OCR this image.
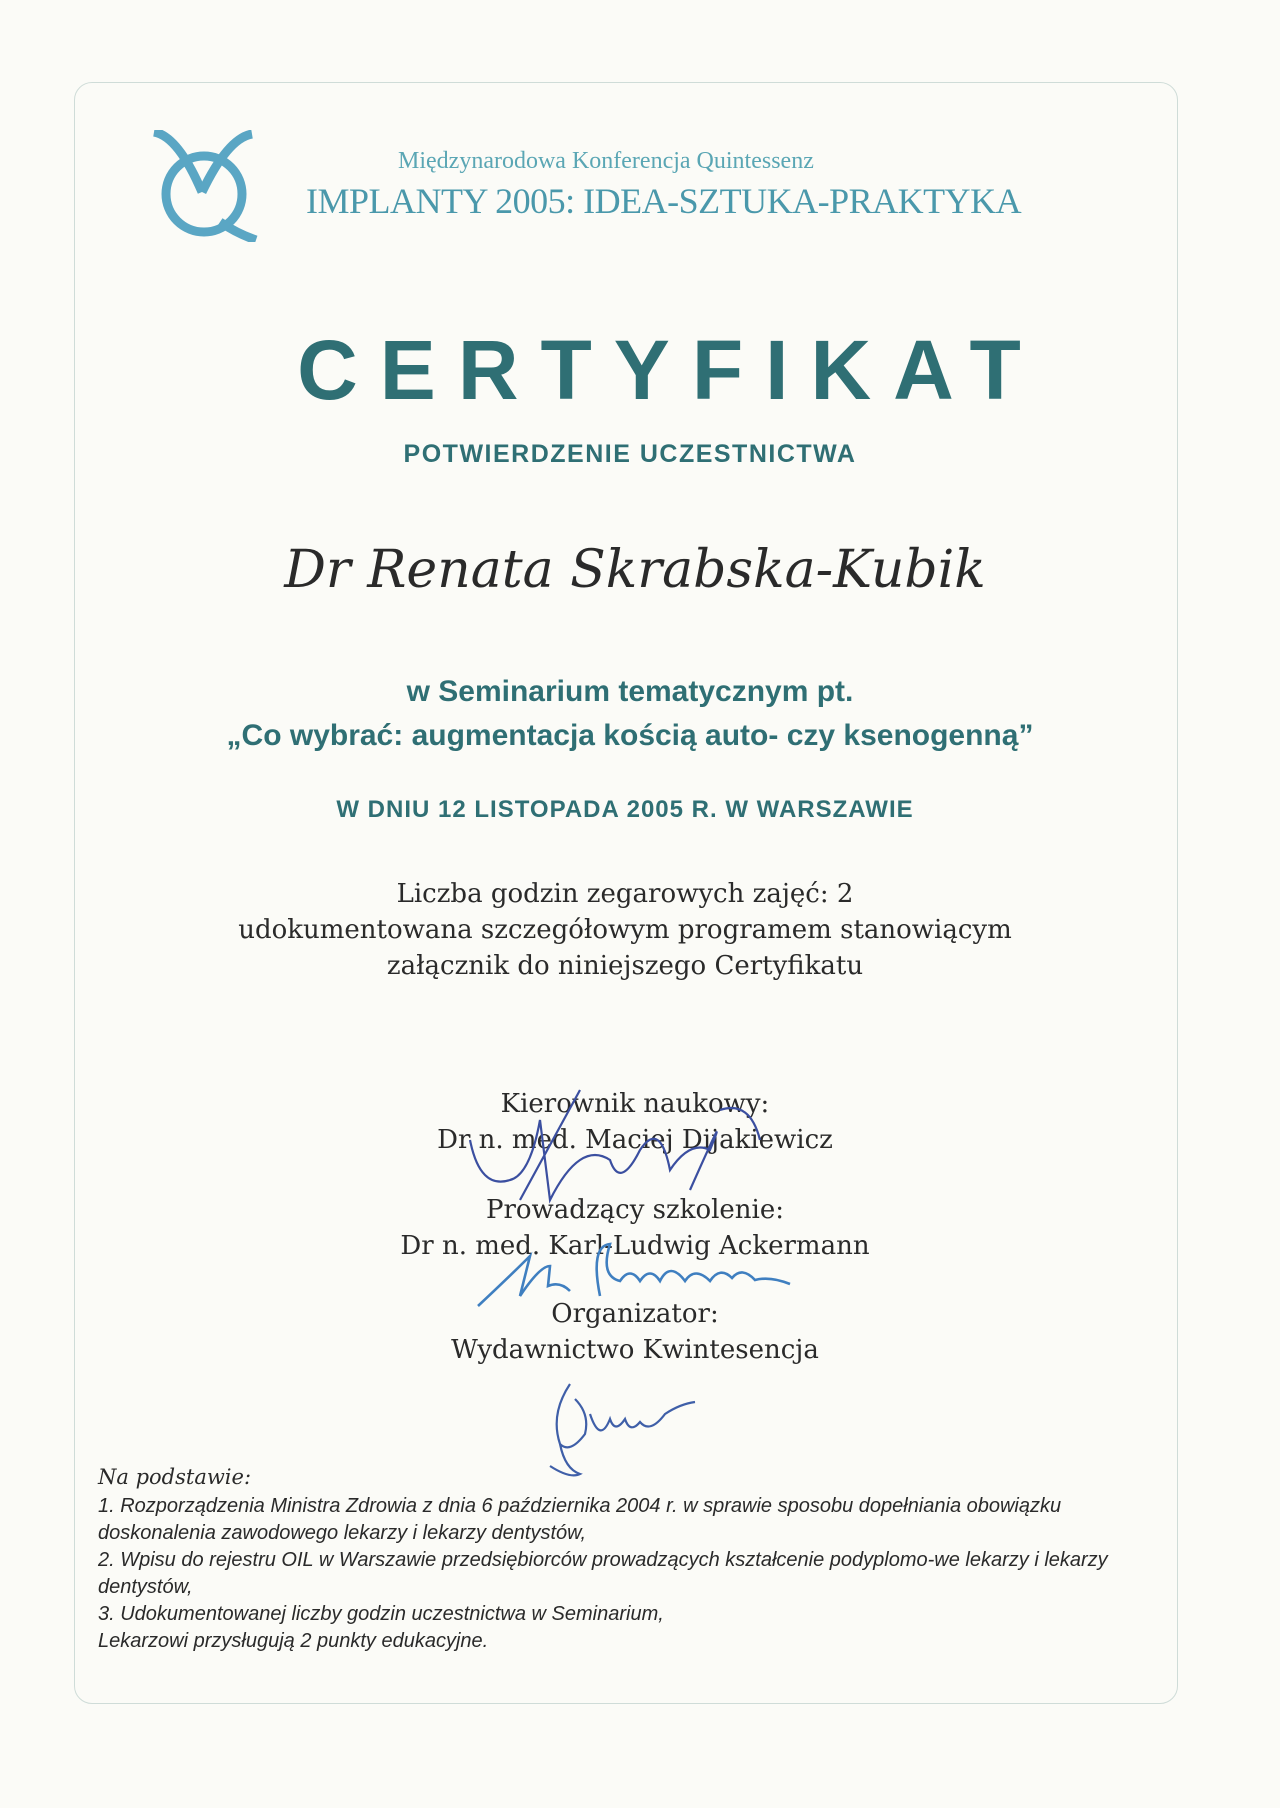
Międzynarodowa Konferencja Quintessenz
IMPLANTY 2005: IDEA-SZTUKA-PRAKTYKA
CERTYFIKAT
POTWIERDZENIE UCZESTNICTWA
Dr Renata Skrabska-Kubik
w Seminarium tematycznym pt.
„Co wybrać: augmentacja kością auto- czy ksenogenną”
W DNIU 12 LISTOPADA 2005 R. W WARSZAWIE
Liczba godzin zegarowych zajęć: 2
udokumentowana szczegółowym programem stanowiącym
załącznik do niniejszego Certyfikatu
Kierownik naukowy:
Dr n. med. Maciej Dijakiewicz
Prowadzący szkolenie:
Dr n. med. Karl-Ludwig Ackermann
Organizator:
Wydawnictwo Kwintesencja
Na podstawie:

1. Rozporządzenia Ministra Zdrowia z dnia 6 października 2004 r. w sprawie sposobu dopełniania obowiązku doskonalenia zawodowego lekarzy i lekarzy dentystów,

2. Wpisu do rejestru OIL w Warszawie przedsiębiorców prowadzących kształcenie podyplomo-we lekarzy i lekarzy dentystów,

3. Udokumentowanej liczby godzin uczestnictwa w Seminarium,

Lekarzowi przysługują 2 punkty edukacyjne.
